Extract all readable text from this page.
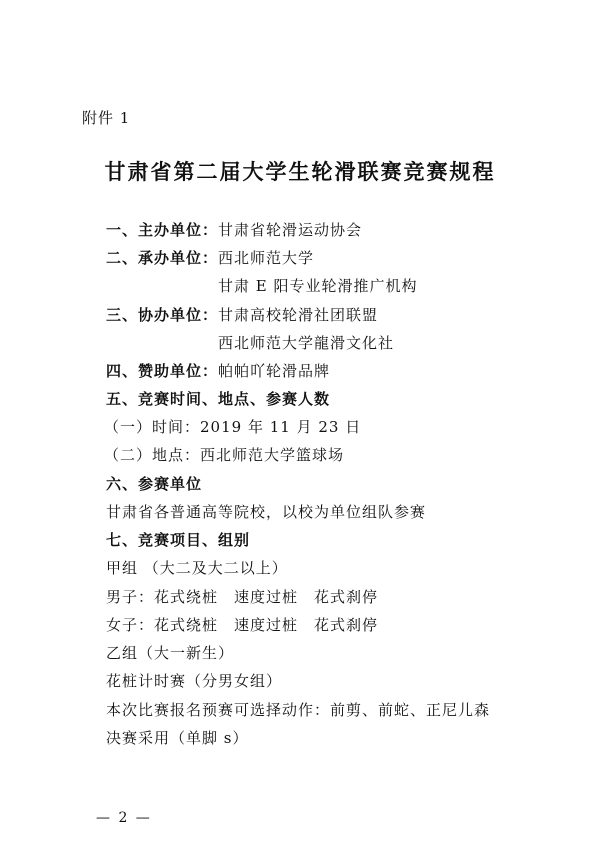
附件 1
甘肃省第二届大学生轮滑联赛竞赛规程
一、主办单位：甘肃省轮滑运动协会
二、承办单位：西北师范大学
甘肃 E 阳专业轮滑推广机构
三、协办单位：甘肃高校轮滑社团联盟
西北师范大学龍滑文化社
四、赞助单位：帕帕吖轮滑品牌
五、竞赛时间、地点、参赛人数
（一）时间：2019 年 11 月 23 日
（二）地点：西北师范大学篮球场
六、参赛单位
甘肃省各普通高等院校，以校为单位组队参赛
七、竞赛项目、组别
甲组 （大二及大二以上）
男子：花式绕桩　速度过桩　花式刹停
女子：花式绕桩　速度过桩　花式刹停
乙组（大一新生）
花桩计时赛（分男女组）
本次比赛报名预赛可选择动作：前剪、前蛇、正尼儿森
决赛采用（单脚 s）
— 2 —
